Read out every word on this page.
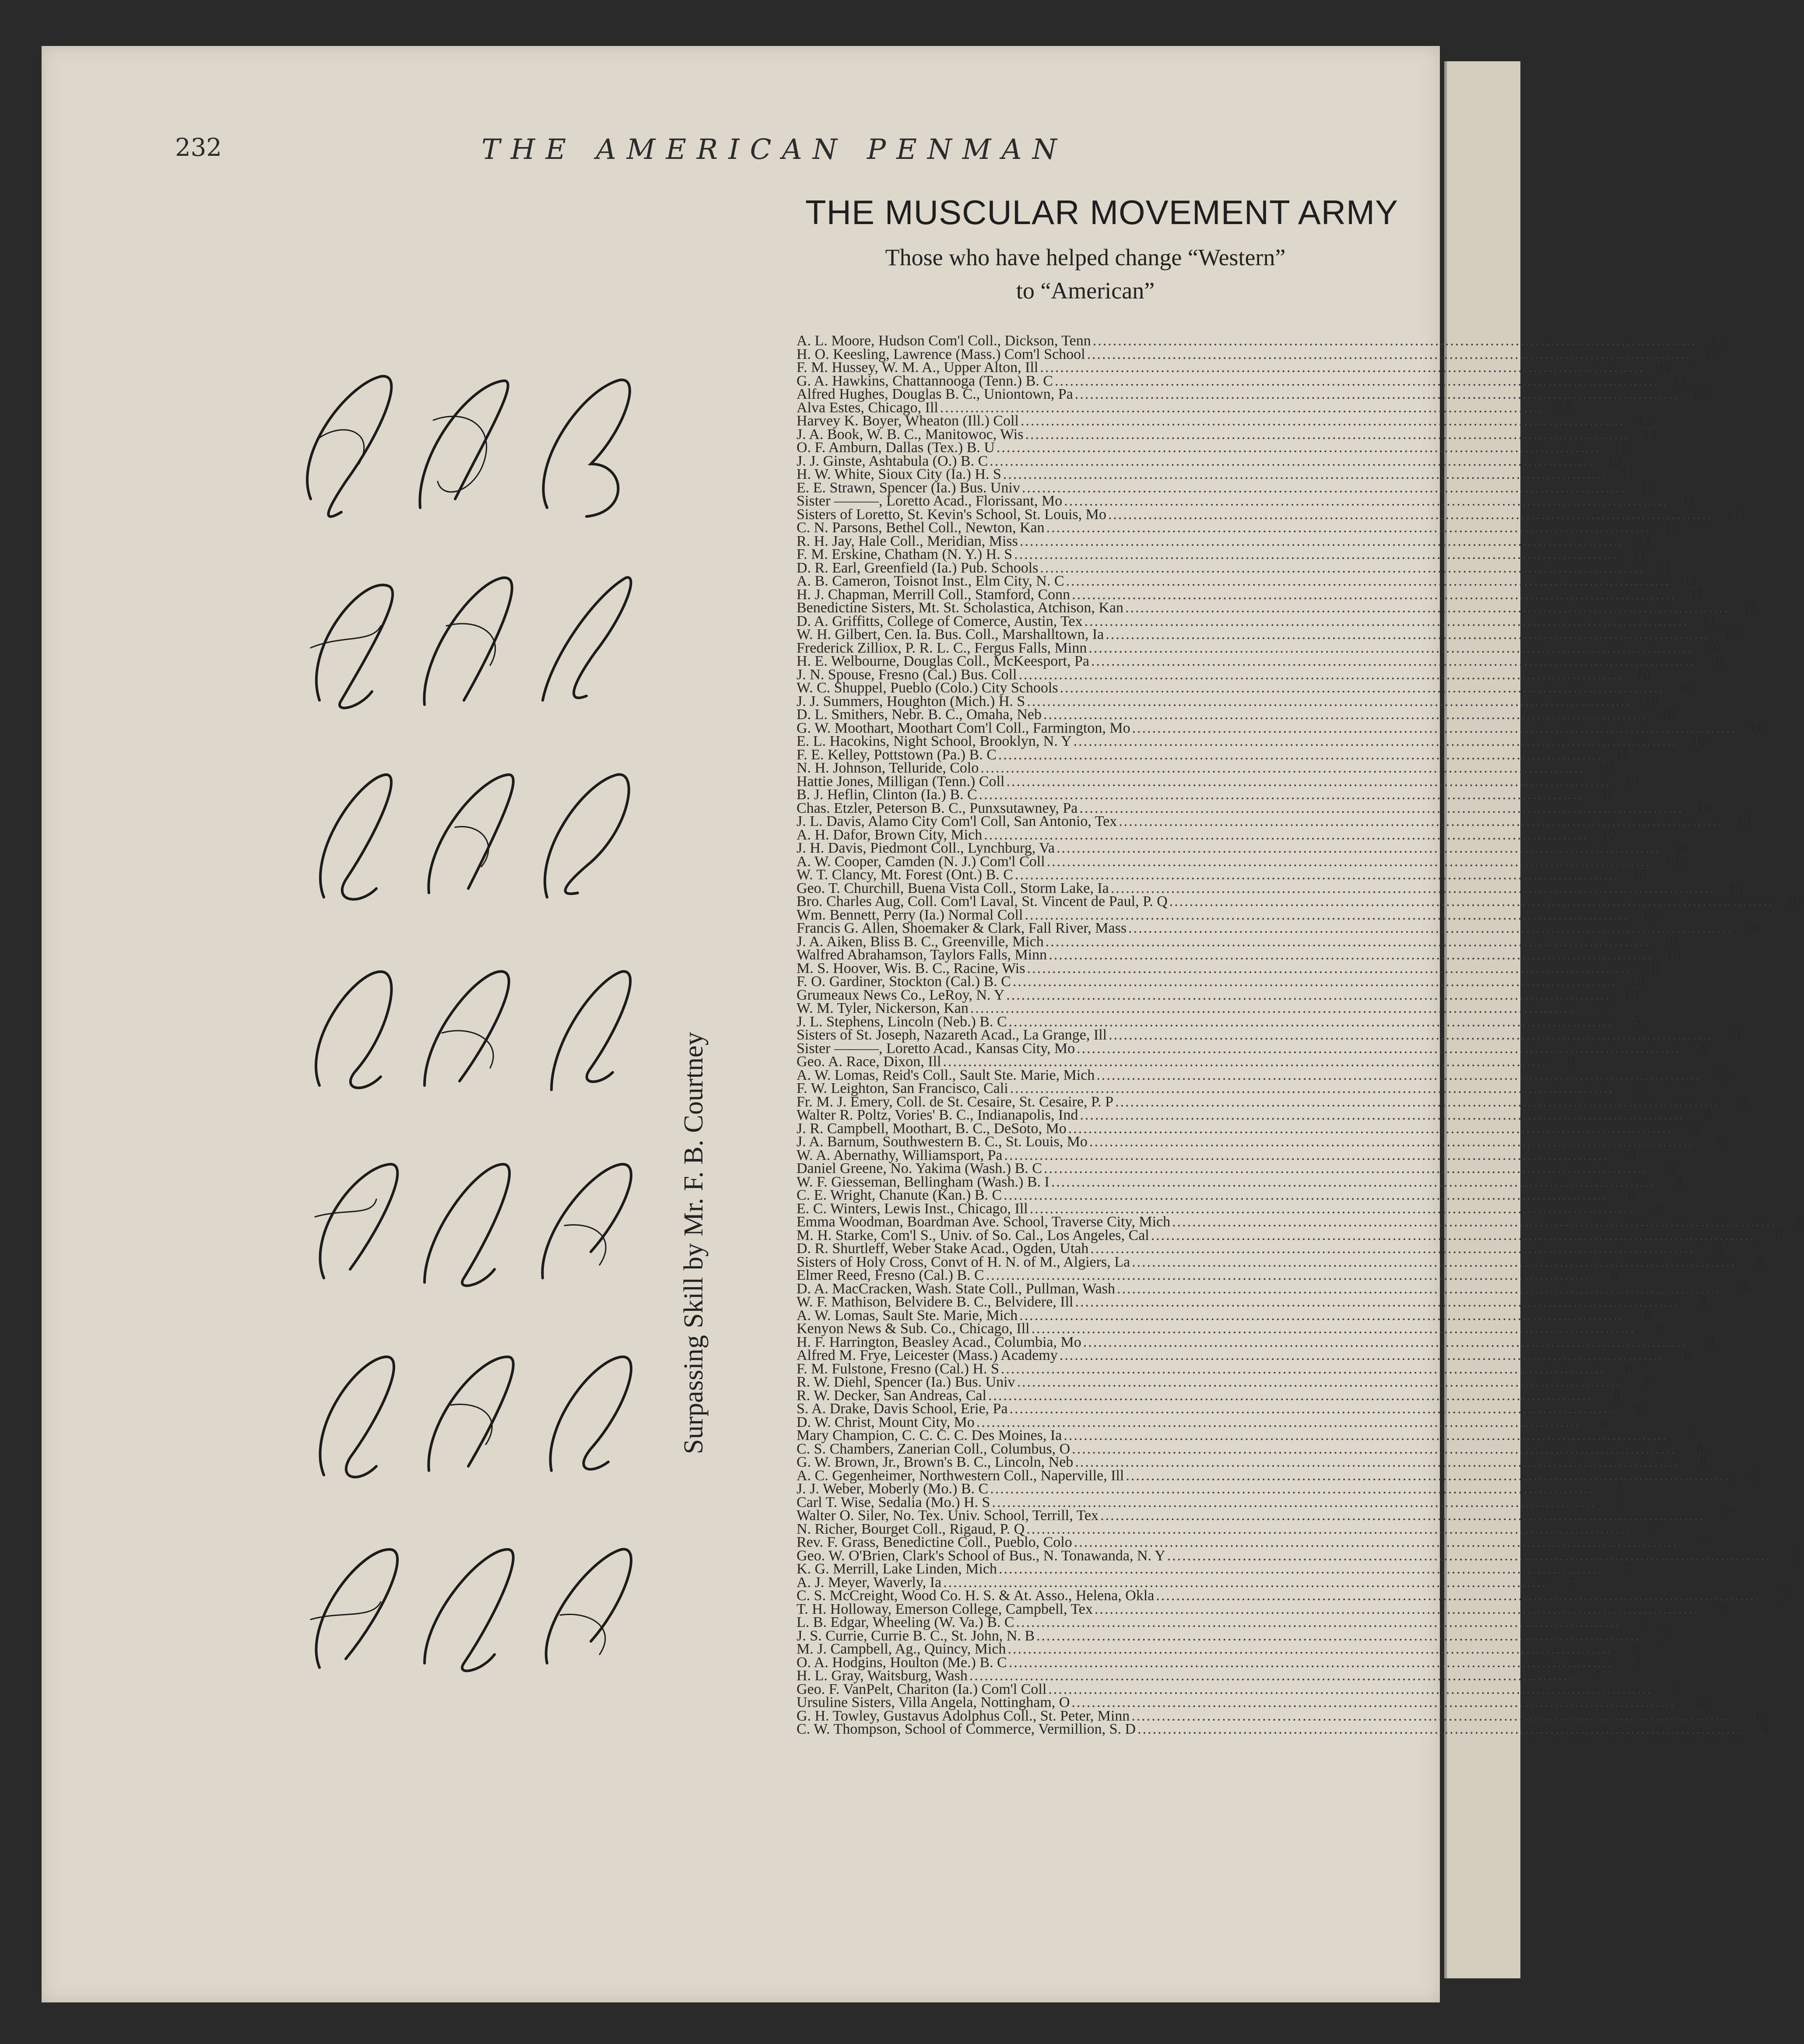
232	THE AMERICAN PENMAN
THE MUSCULAR MOVEMENT ARMY
Those who have helped change “Western”
to “American”
Surpassing Skill by Mr. F. B. Courtney
A. L. Moore, Hudson Com'l Coll., Dickson, Tenn ........................................................................................................................ 12
H. O. Keesling, Lawrence (Mass.) Com'l School ........................................................................................................................ 12
F. M. Hussey, W. M. A., Upper Alton, Ill ........................................................................................................................ 12
G. A. Hawkins, Chattannooga (Tenn.) B. C ........................................................................................................................ 12
Alfred Hughes, Douglas B. C., Uniontown, Pa ........................................................................................................................ 12
Alva Estes, Chicago, Ill ........................................................................................................................ 12
Harvey K. Boyer, Wheaton (Ill.) Coll ........................................................................................................................ 12
J. A. Book, W. B. C., Manitowoc, Wis ........................................................................................................................ 12
O. F. Amburn, Dallas (Tex.) B. U ........................................................................................................................ 12
J. J. Ginste, Ashtabula (O.) B. C ........................................................................................................................ 12
H. W. White, Sioux City (Ia.) H. S ........................................................................................................................ 11
E. E. Strawn, Spencer (Ia.) Bus. Univ ........................................................................................................................ 11
Sister ———, Loretto Acad., Florissant, Mo ........................................................................................................................ 11
Sisters of Loretto, St. Kevin's School, St. Louis, Mo ........................................................................................................................ 11
C. N. Parsons, Bethel Coll., Newton, Kan ........................................................................................................................ 11
R. H. Jay, Hale Coll., Meridian, Miss ........................................................................................................................ 11
F. M. Erskine, Chatham (N. Y.) H. S ........................................................................................................................ 11
D. R. Earl, Greenfield (Ia.) Pub. Schools ........................................................................................................................ 11
A. B. Cameron, Toisnot Inst., Elm City, N. C ........................................................................................................................ 11
H. J. Chapman, Merrill Coll., Stamford, Conn ........................................................................................................................ 11
Benedictine Sisters, Mt. St. Scholastica, Atchison, Kan ........................................................................................................................ 11
D. A. Griffitts, College of Comerce, Austin, Tex ........................................................................................................................ 11
W. H. Gilbert, Cen. Ia. Bus. Coll., Marshalltown, Ia ........................................................................................................................ 11
Frederick Zilliox, P. R. L. C., Fergus Falls, Minn ........................................................................................................................ 10
H. E. Welbourne, Douglas Coll., McKeesport, Pa ........................................................................................................................ 10
J. N. Spouse, Fresno (Cal.) Bus. Coll ........................................................................................................................ 10
W. C. Shuppel, Pueblo (Colo.) City Schools ........................................................................................................................ 10
J. J. Summers, Houghton (Mich.) H. S ........................................................................................................................ 10
D. L. Smithers, Nebr. B. C., Omaha, Neb ........................................................................................................................ 10
G. W. Moothart, Moothart Com'l Coll., Farmington, Mo ........................................................................................................................ 10
E. L. Hacokins, Night School, Brooklyn, N. Y ........................................................................................................................ 10
F. E. Kelley, Pottstown (Pa.) B. C ........................................................................................................................ 10
N. H. Johnson, Telluride, Colo ........................................................................................................................ 10
Hattie Jones, Milligan (Tenn.) Coll ........................................................................................................................ 10
B. J. Heflin, Clinton (Ia.) B. C ........................................................................................................................ 10
Chas. Etzler, Peterson B. C., Punxsutawney, Pa ........................................................................................................................ 10
J. L. Davis, Alamo City Com'l Coll, San Antonio, Tex ........................................................................................................................ 10
A. H. Dafor, Brown City, Mich ........................................................................................................................ 10
J. H. Davis, Piedmont Coll., Lynchburg, Va ........................................................................................................................ 10
A. W. Cooper, Camden (N. J.) Com'l Coll ........................................................................................................................ 10
W. T. Clancy, Mt. Forest (Ont.) B. C ........................................................................................................................ 10
Geo. T. Churchill, Buena Vista Coll., Storm Lake, Ia ........................................................................................................................ 10
Bro. Charles Aug, Coll. Com'l Laval, St. Vincent de Paul, P. Q ........................................................................................................................ 10
Wm. Bennett, Perry (Ia.) Normal Coll ........................................................................................................................ 10
Francis G. Allen, Shoemaker & Clark, Fall River, Mass ........................................................................................................................ 10
J. A. Aiken, Bliss B. C., Greenville, Mich ........................................................................................................................ 10
Walfred Abrahamson, Taylors Falls, Minn ........................................................................................................................ 10
M. S. Hoover, Wis. B. C., Racine, Wis ........................................................................................................................ 10
F. O. Gardiner, Stockton (Cal.) B. C ........................................................................................................................ 10
Grumeaux News Co., LeRoy, N. Y ........................................................................................................................ 10
W. M. Tyler, Nickerson, Kan ........................................................................................................................	9
J. L. Stephens, Lincoln (Neb.) B. C ........................................................................................................................	9
Sisters of St. Joseph, Nazareth Acad., La Grange, Ill ........................................................................................................................	9
Sister ———, Loretto Acad., Kansas City, Mo ........................................................................................................................	9
Geo. A. Race, Dixon, Ill ........................................................................................................................	9
A. W. Lomas, Reid's Coll., Sault Ste. Marie, Mich ........................................................................................................................	9
F. W. Leighton, San Francisco, Cali ........................................................................................................................	9
Fr. M. J. Emery, Coll. de St. Cesaire, St. Cesaire, P. P ........................................................................................................................	9
Walter R. Poltz, Vories' B. C., Indianapolis, Ind ........................................................................................................................	9
J. R. Campbell, Moothart, B. C., DeSoto, Mo ........................................................................................................................	9
J. A. Barnum, Southwestern B. C., St. Louis, Mo ........................................................................................................................	9
W. A. Abernathy, Williamsport, Pa ........................................................................................................................	9
Daniel Greene, No. Yakima (Wash.) B. C ........................................................................................................................	9
W. F. Giesseman, Bellingham (Wash.) B. I ........................................................................................................................	9
C. E. Wright, Chanute (Kan.) B. C ........................................................................................................................	8
E. C. Winters, Lewis Inst., Chicago, Ill ........................................................................................................................	8
Emma Woodman, Boardman Ave. School, Traverse City, Mich ........................................................................................................................	8
M. H. Starke, Com'l S., Univ. of So. Cal., Los Angeles, Cal ........................................................................................................................	8
D. R. Shurtleff, Weber Stake Acad., Ogden, Utah ........................................................................................................................	8
Sisters of Holy Cross, Convt of H. N. of M., Algiers, La ........................................................................................................................	8
Elmer Reed, Fresno (Cal.) B. C ........................................................................................................................	8
D. A. MacCracken, Wash. State Coll., Pullman, Wash ........................................................................................................................	8
W. F. Mathison, Belvidere B. C., Belvidere, Ill ........................................................................................................................	8
A. W. Lomas, Sault Ste. Marie, Mich ........................................................................................................................	8
Kenyon News & Sub. Co., Chicago, Ill ........................................................................................................................	8
H. F. Harrington, Beasley Acad., Columbia, Mo ........................................................................................................................	8
Alfred M. Frye, Leicester (Mass.) Academy ........................................................................................................................	8
F. M. Fulstone, Fresno (Cal.) H. S ........................................................................................................................	8
R. W. Diehl, Spencer (Ia.) Bus. Univ ........................................................................................................................	8
R. W. Decker, San Andreas, Cal ........................................................................................................................	8
S. A. Drake, Davis School, Erie, Pa ........................................................................................................................	8
D. W. Christ, Mount City, Mo ........................................................................................................................	8
Mary Champion, C. C. C. C. Des Moines, Ia ........................................................................................................................	8
C. S. Chambers, Zanerian Coll., Columbus, O ........................................................................................................................	8
G. W. Brown, Jr., Brown's B. C., Lincoln, Neb ........................................................................................................................	8
A. C. Gegenheimer, Northwestern Coll., Naperville, Ill ........................................................................................................................	8
J. J. Weber, Moberly (Mo.) B. C ........................................................................................................................	7
Carl T. Wise, Sedalia (Mo.) H. S ........................................................................................................................	7
Walter O. Siler, No. Tex. Univ. School, Terrill, Tex ........................................................................................................................	7
N. Richer, Bourget Coll., Rigaud, P. Q ........................................................................................................................	7
Rev. F. Grass, Benedictine Coll., Pueblo, Colo ........................................................................................................................	7
Geo. W. O'Brien, Clark's School of Bus., N. Tonawanda, N. Y ........................................................................................................................	7
K. G. Merrill, Lake Linden, Mich ........................................................................................................................	7
A. J. Meyer, Waverly, Ia ........................................................................................................................	7
C. S. McCreight, Wood Co. H. S. & At. Asso., Helena, Okla ........................................................................................................................	7
T. H. Holloway, Emerson College, Campbell, Tex ........................................................................................................................	7
L. B. Edgar, Wheeling (W. Va.) B. C ........................................................................................................................	7
J. S. Currie, Currie B. C., St. John, N. B ........................................................................................................................	7
M. J. Campbell, Ag., Quincy, Mich ........................................................................................................................	7
O. A. Hodgins, Houlton (Me.) B. C ........................................................................................................................	7
H. L. Gray, Waitsburg, Wash ........................................................................................................................	7
Geo. F. VanPelt, Chariton (Ia.) Com'l Coll ........................................................................................................................	6
Ursuline Sisters, Villa Angela, Nottingham, O ........................................................................................................................	6
G. H. Towley, Gustavus Adolphus Coll., St. Peter, Minn ........................................................................................................................	6
C. W. Thompson, School of Commerce, Vermillion, S. D ........................................................................................................................	6
